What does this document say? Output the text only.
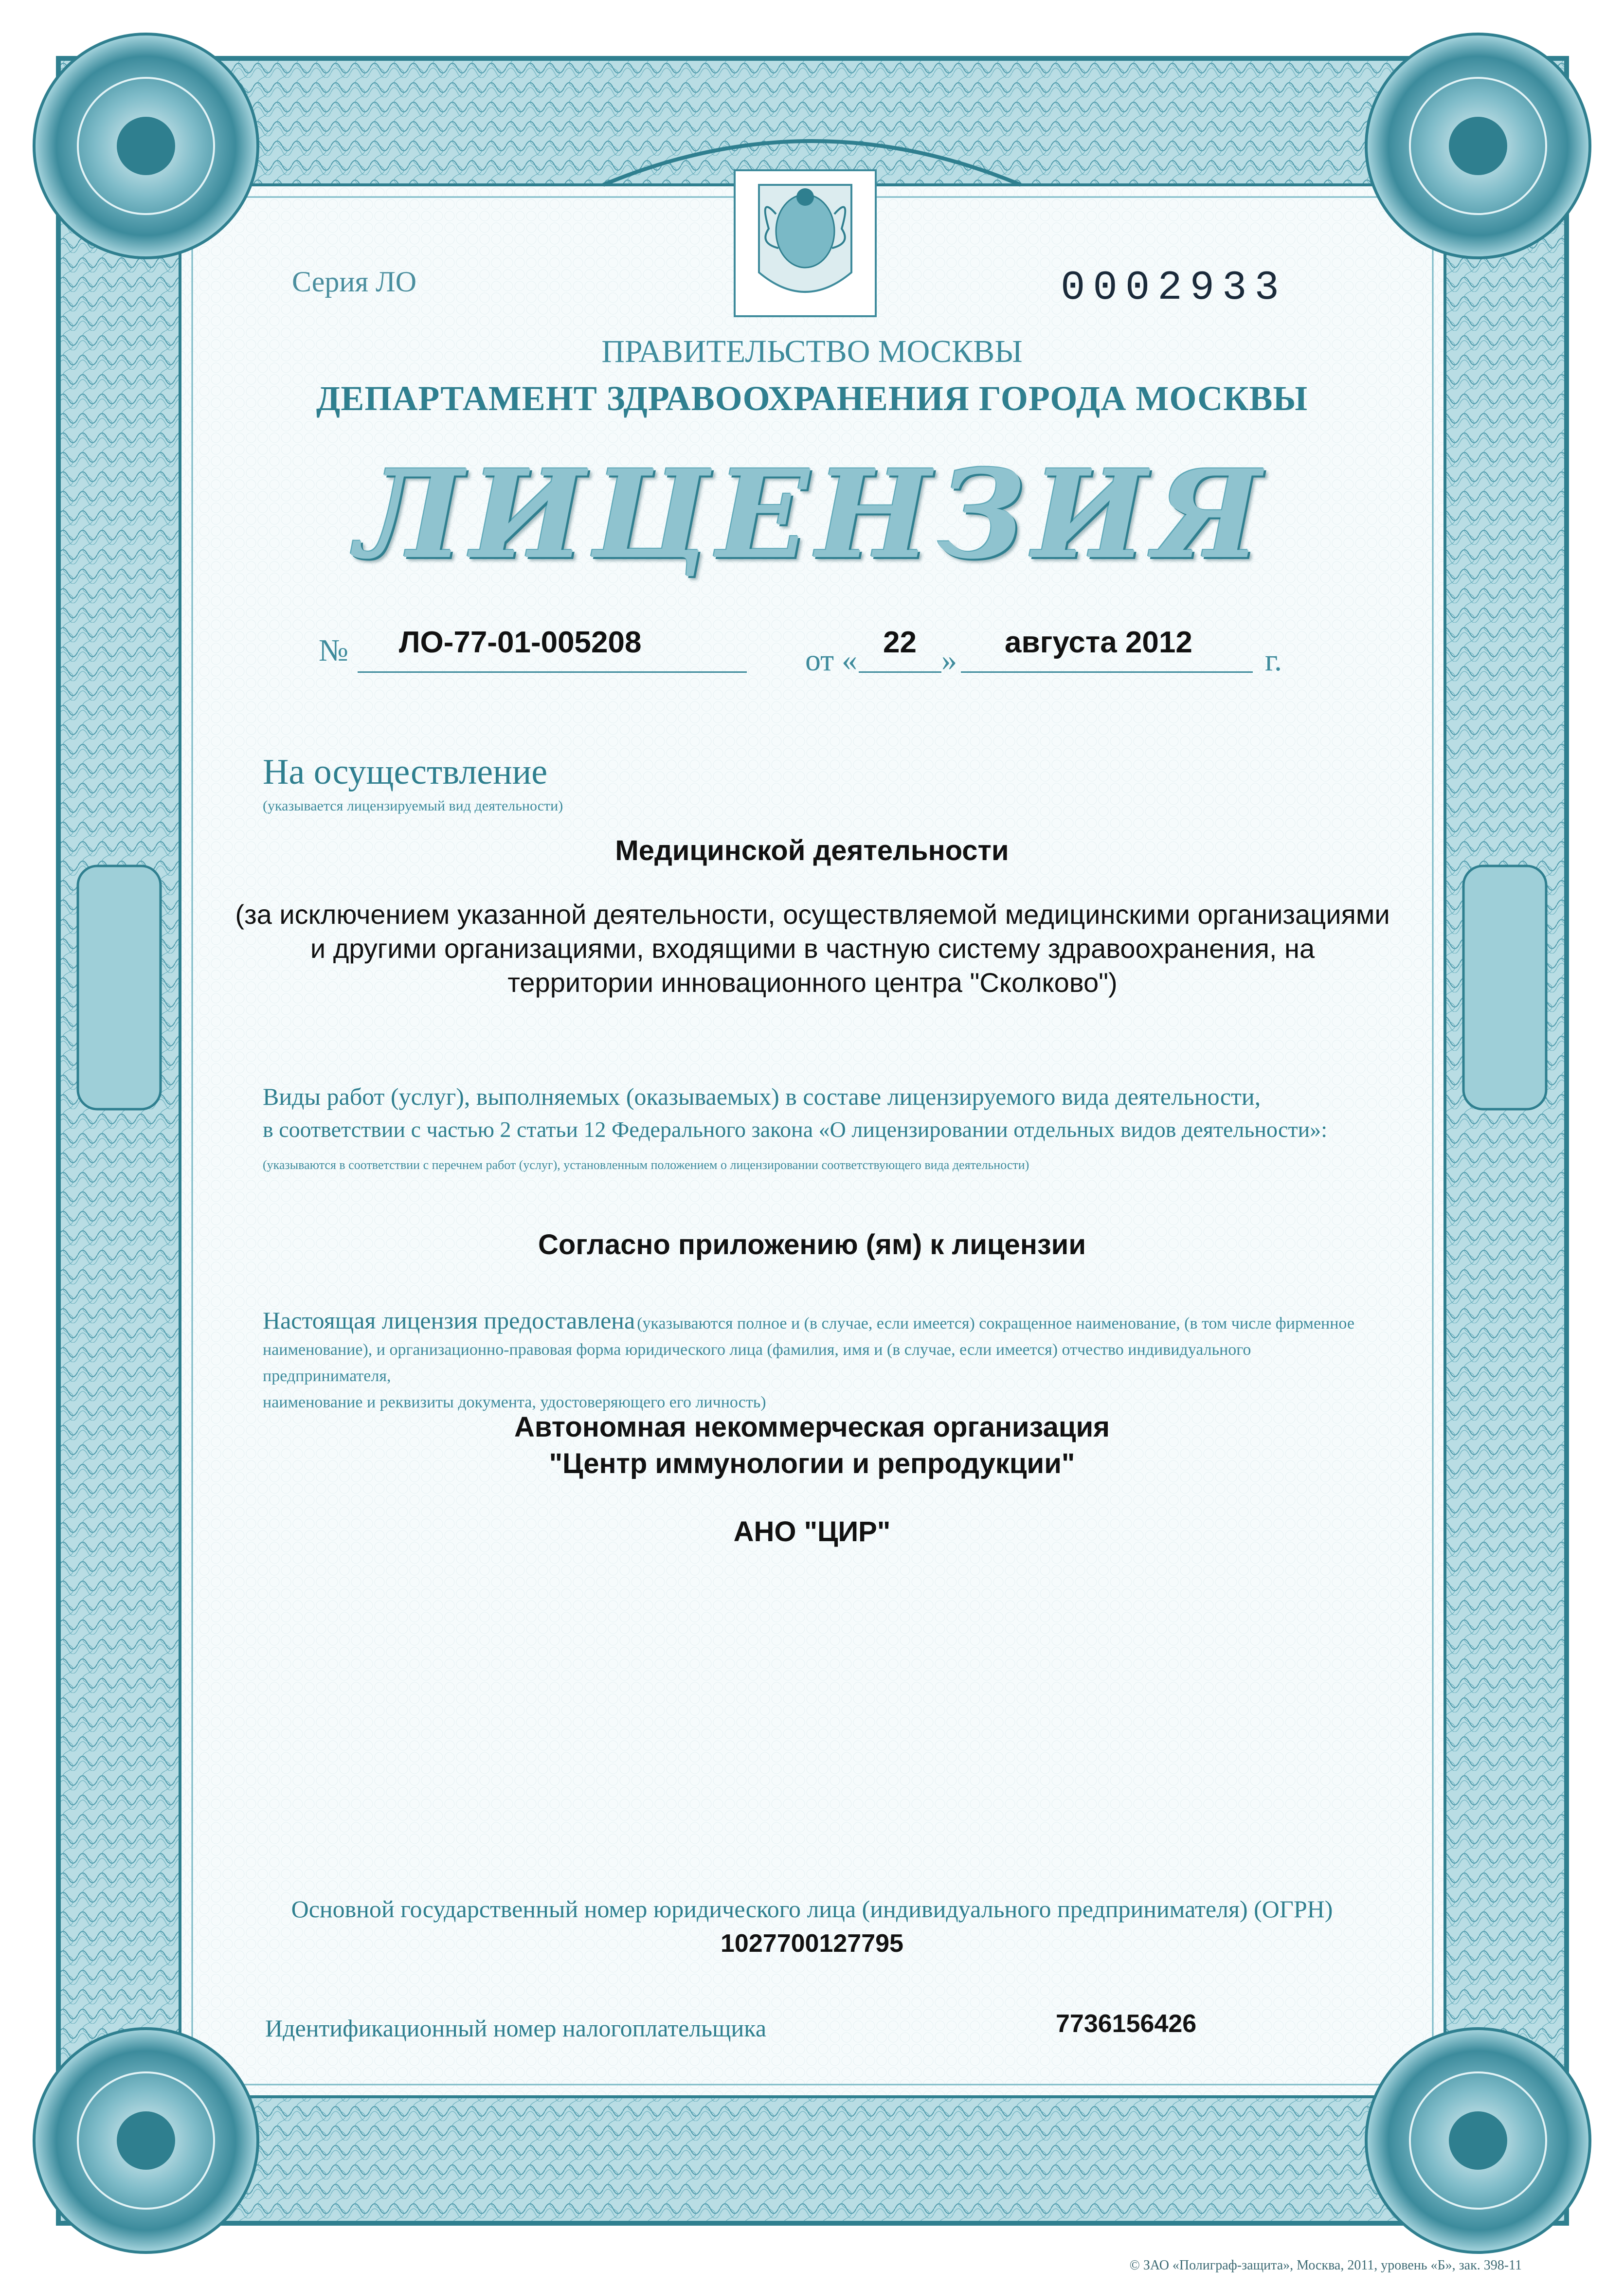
Серия ЛО	0002933
ПРАВИТЕЛЬСТВО МОСКВЫ
ДЕПАРТАМЕНТ ЗДРАВООХРАНЕНИЯ ГОРОДА МОСКВЫ
ЛИЦЕНЗИЯ
№ ЛО-77-01-005208
от «
22
»
августа 2012
г.
На осуществление
(указывается лицензируемый вид деятельности)
Медицинской деятельности
(за исключением указанной деятельности, осуществляемой медицинскими организациями
и другими организациями, входящими в частную систему здравоохранения, на
территории инновационного центра "Сколково")
Виды работ (услуг), выполняемых (оказываемых) в составе лицензируемого вида деятельности,
в соответствии с частью 2 статьи 12 Федерального закона «О лицензировании отдельных видов деятельности»:
(указываются в соответствии с перечнем работ (услуг), установленным положением о лицензировании соответствующего вида деятельности)
Согласно приложению (ям) к лицензии
Настоящая лицензия предоставлена (указываются полное и (в случае, если имеется) сокращенное наименование, (в том числе фирменное
наименование), и организационно-правовая форма юридического лица (фамилия, имя и (в случае, если имеется) отчество индивидуального предпринимателя,
наименование и реквизиты документа, удостоверяющего его личность)
Автономная некоммерческая организация
"Центр иммунологии и репродукции"
АНО "ЦИР"
Основной государственный номер юридического лица (индивидуального предпринимателя) (ОГРН)
1027700127795
Идентификационный номер налогоплательщика	7736156426
© ЗАО «Полиграф-защита», Москва, 2011, уровень «Б», зак. 398-11
